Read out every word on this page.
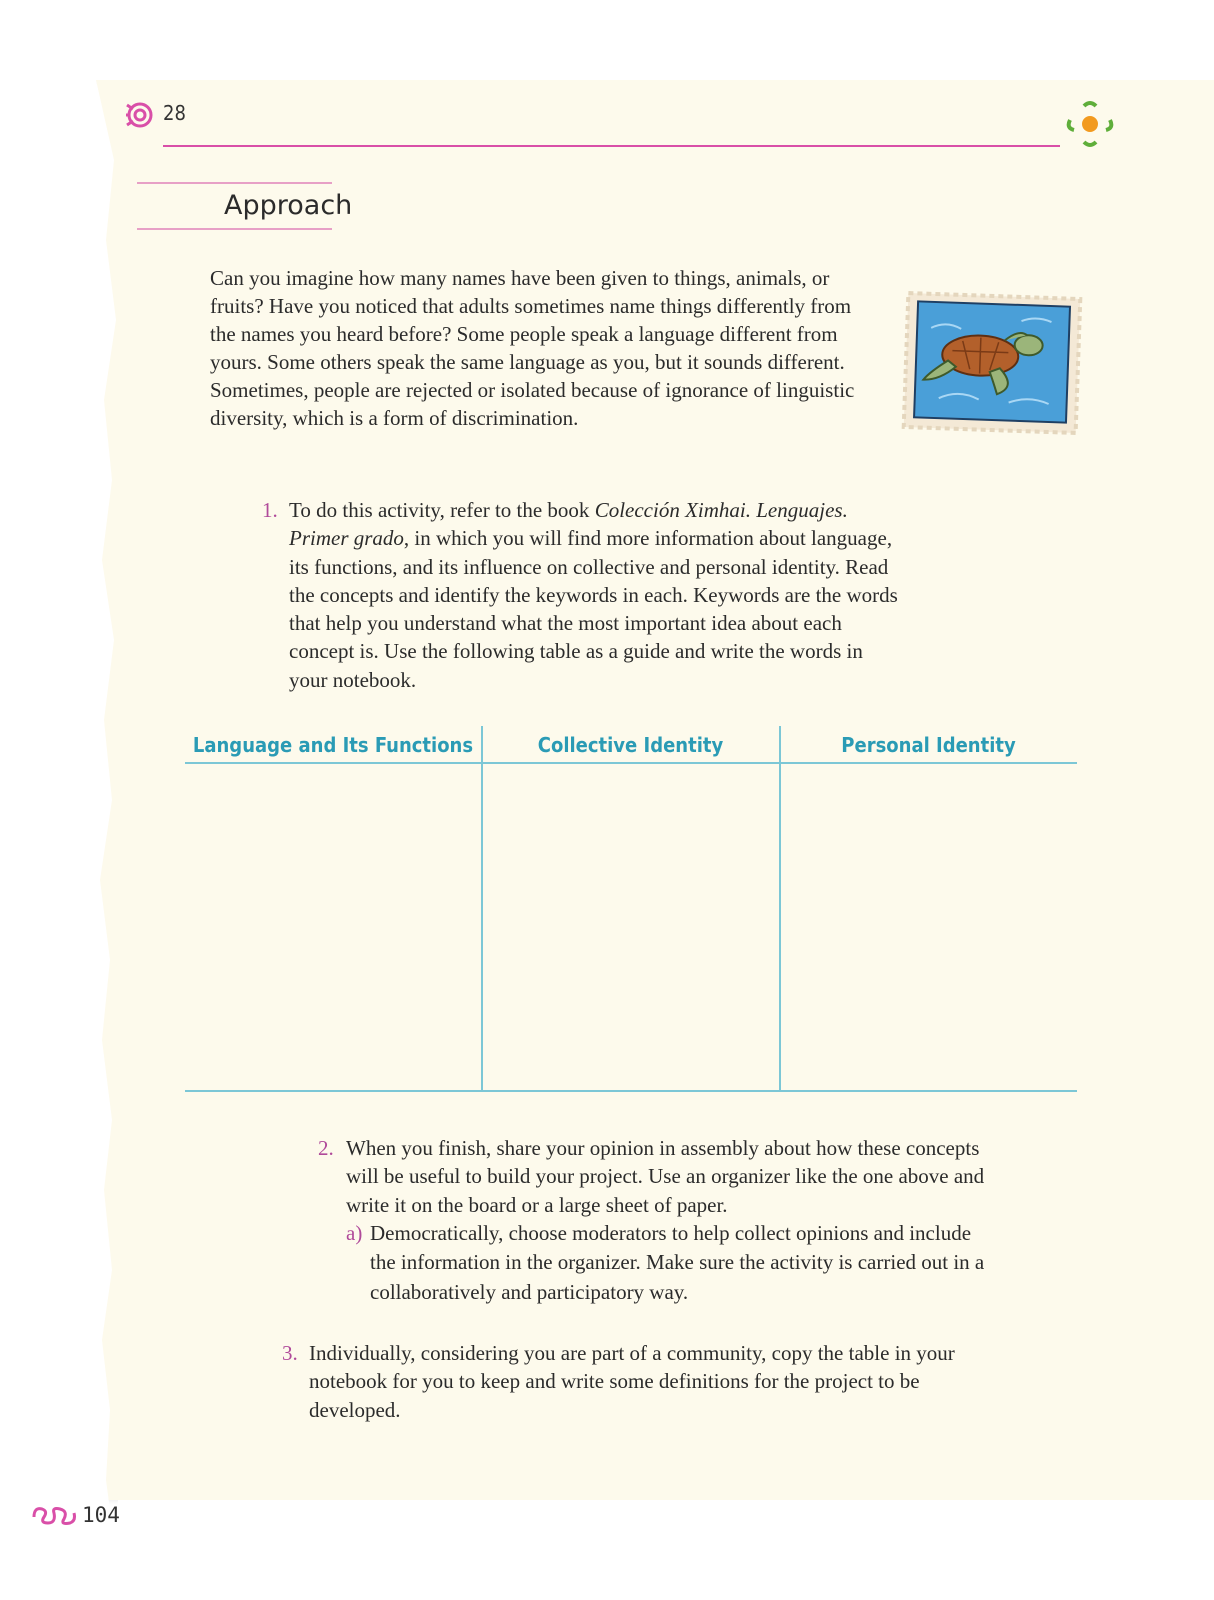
28
Approach

Can you imagine how many names have been given to things, animals, or fruits? Have you noticed that adults sometimes name things differently from the names you heard before? Some people speak a language different from yours. Some others speak the same language as you, but it sounds different. Sometimes, people are rejected or isolated because of ignorance of linguistic diversity, which is a form of discrimination.

1. To do this activity, refer to the book Colección Ximhai. Lenguajes. Primer grado, in which you will find more information about language, its functions, and its influence on collective and personal identity. Read the concepts and identify the keywords in each. Keywords are the words that help you understand what the most important idea about each concept is. Use the following table as a guide and write the words in your notebook.

Language and Its Functions	Collective Identity	Personal Identity
2. When you finish, share your opinion in assembly about how these concepts will be useful to build your project. Use an organizer like the one above and write it on the board or a large sheet of paper.

a) Democratically, choose moderators to help collect opinions and include the information in the organizer. Make sure the activity is carried out in a collaboratively and participatory way.

3. Individually, considering you are part of a community, copy the table in your notebook for you to keep and write some definitions for the project to be developed.

104
